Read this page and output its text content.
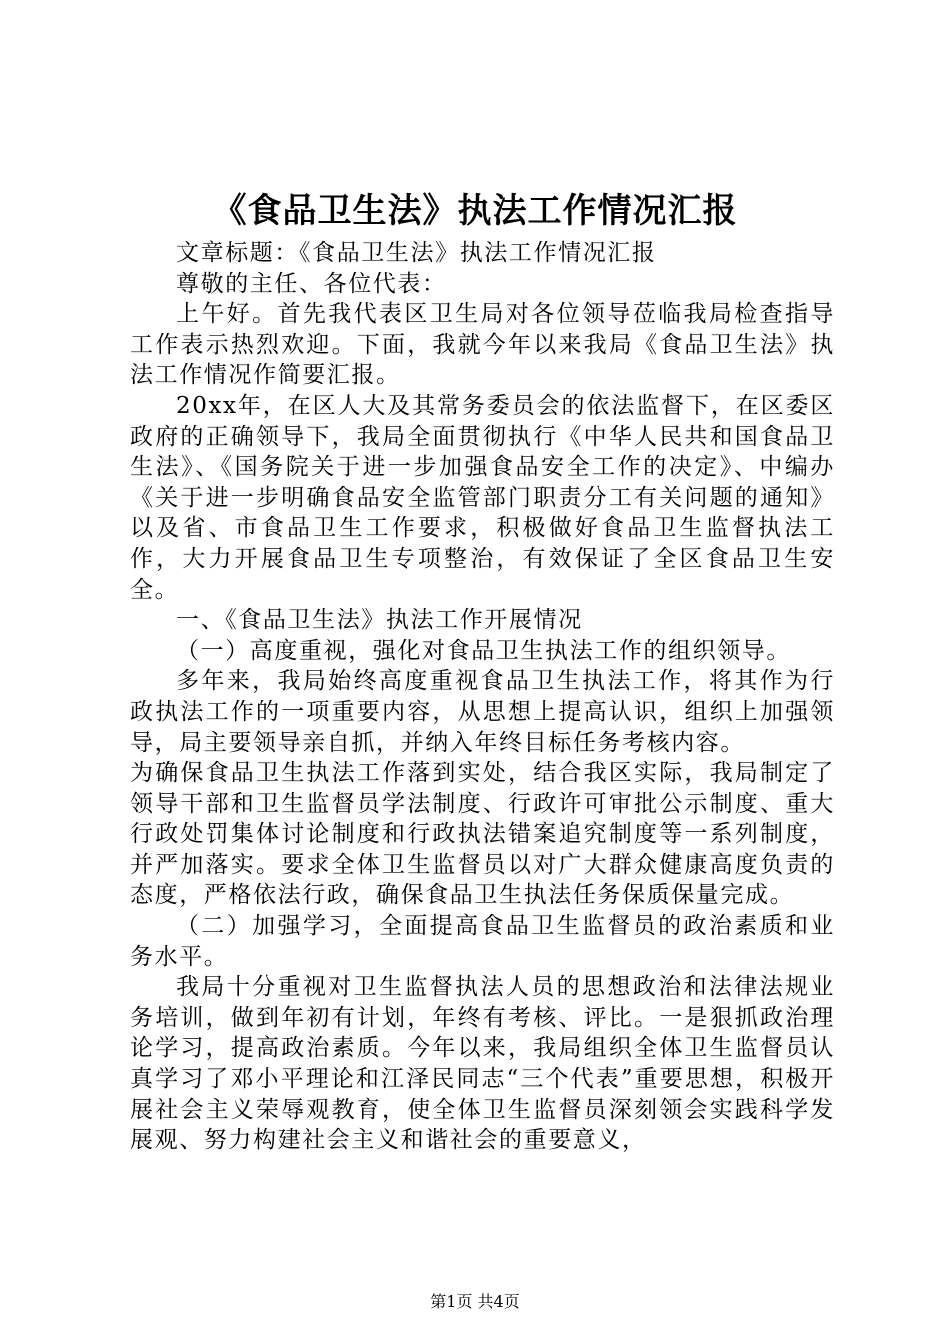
《食品卫生法》执法工作情况汇报

文章标题：《食品卫生法》执法工作情况汇报

尊敬的主任、各位代表：

上午好。首先我代表区卫生局对各位领导莅临我局检查指导工作表示热烈欢迎。下面，我就今年以来我局《食品卫生法》执法工作情况作简要汇报。

20xx年，在区人大及其常务委员会的依法监督下，在区委区政府的正确领导下，我局全面贯彻执行《中华人民共和国食品卫生法》、《国务院关于进一步加强食品安全工作的决定》、中编办《关于进一步明确食品安全监管部门职责分工有关问题的通知》以及省、市食品卫生工作要求，积极做好食品卫生监督执法工作，大力开展食品卫生专项整治，有效保证了全区食品卫生安全。

一、《食品卫生法》执法工作开展情况

（一）高度重视，强化对食品卫生执法工作的组织领导。

多年来，我局始终高度重视食品卫生执法工作，将其作为行政执法工作的一项重要内容，从思想上提高认识，组织上加强领导，局主要领导亲自抓，并纳入年终目标任务考核内容。

为确保食品卫生执法工作落到实处，结合我区实际，我局制定了领导干部和卫生监督员学法制度、行政许可审批公示制度、重大行政处罚集体讨论制度和行政执法错案追究制度等一系列制度，并严加落实。要求全体卫生监督员以对广大群众健康高度负责的态度，严格依法行政，确保食品卫生执法任务保质保量完成。

（二）加强学习，全面提高食品卫生监督员的政治素质和业务水平。

我局十分重视对卫生监督执法人员的思想政治和法律法规业务培训，做到年初有计划，年终有考核、评比。一是狠抓政治理论学习，提高政治素质。今年以来，我局组织全体卫生监督员认真学习了邓小平理论和江泽民同志“三个代表”重要思想，积极开展社会主义荣辱观教育，使全体卫生监督员深刻领会实践科学发展观、努力构建社会主义和谐社会的重要意义，

第1页 共4页
